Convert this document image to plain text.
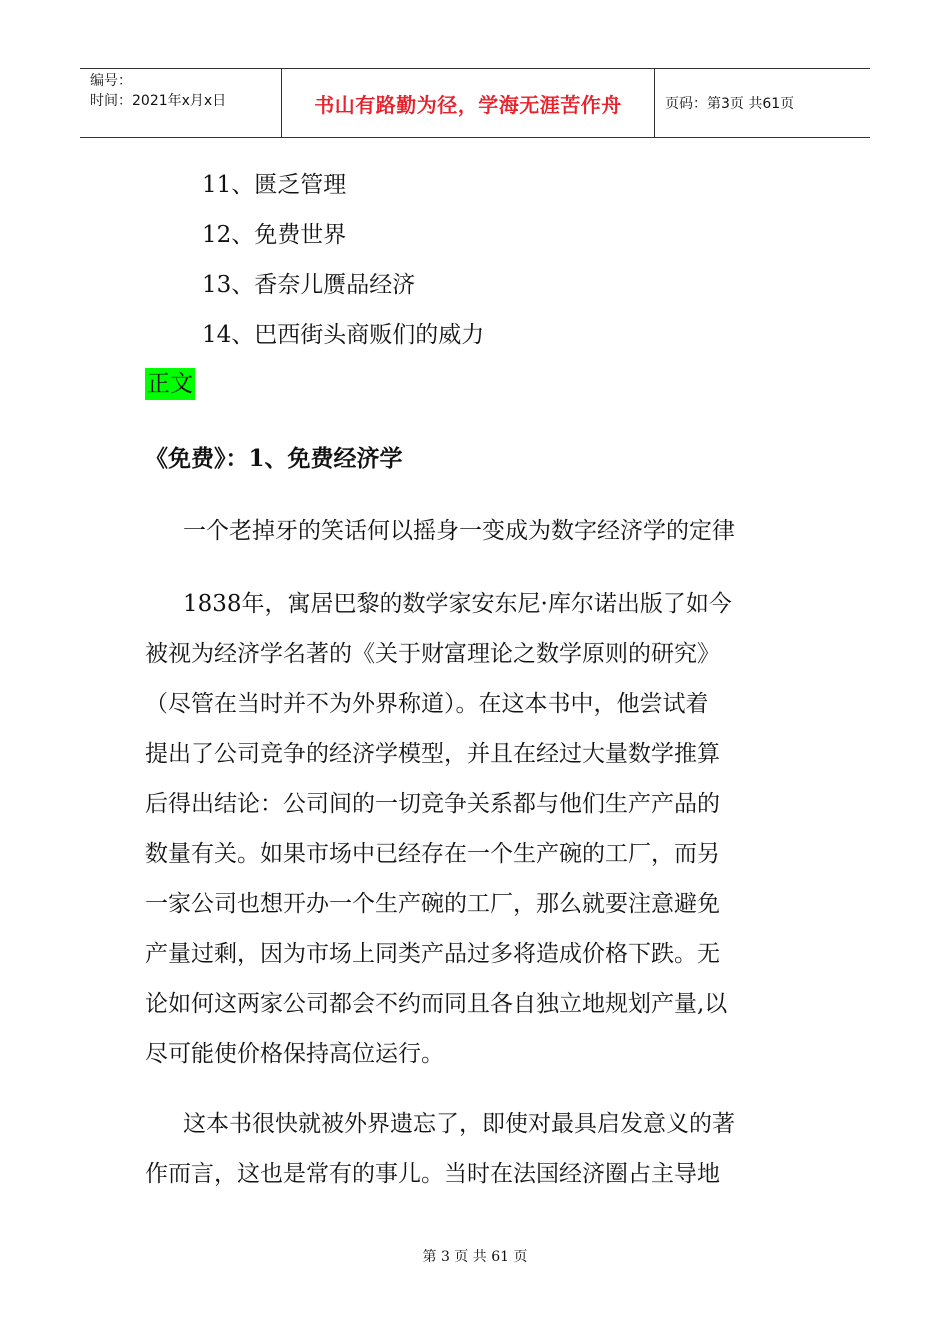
编号：
时间：2021年x月x日	书山有路勤为径，学海无涯苦作舟	页码：第3页 共61页
11、匮乏管理
12、免费世界
13、香奈儿赝品经济
14、巴西街头商贩们的威力
正文
《免费》：1、免费经济学
一个老掉牙的笑话何以摇身一变成为数字经济学的定律
1838年，寓居巴黎的数学家安东尼·库尔诺出版了如今
被视为经济学名著的《关于财富理论之数学原则的研究》
（尽管在当时并不为外界称道）。在这本书中，他尝试着
提出了公司竞争的经济学模型，并且在经过大量数学推算
后得出结论：公司间的一切竞争关系都与他们生产产品的
数量有关。如果市场中已经存在一个生产碗的工厂，而另
一家公司也想开办一个生产碗的工厂，那么就要注意避免
产量过剩，因为市场上同类产品过多将造成价格下跌。无
论如何这两家公司都会不约而同且各自独立地规划产量,以
尽可能使价格保持高位运行。
这本书很快就被外界遗忘了，即使对最具启发意义的著
作而言，这也是常有的事儿。当时在法国经济圈占主导地
第 3 页 共 61 页
